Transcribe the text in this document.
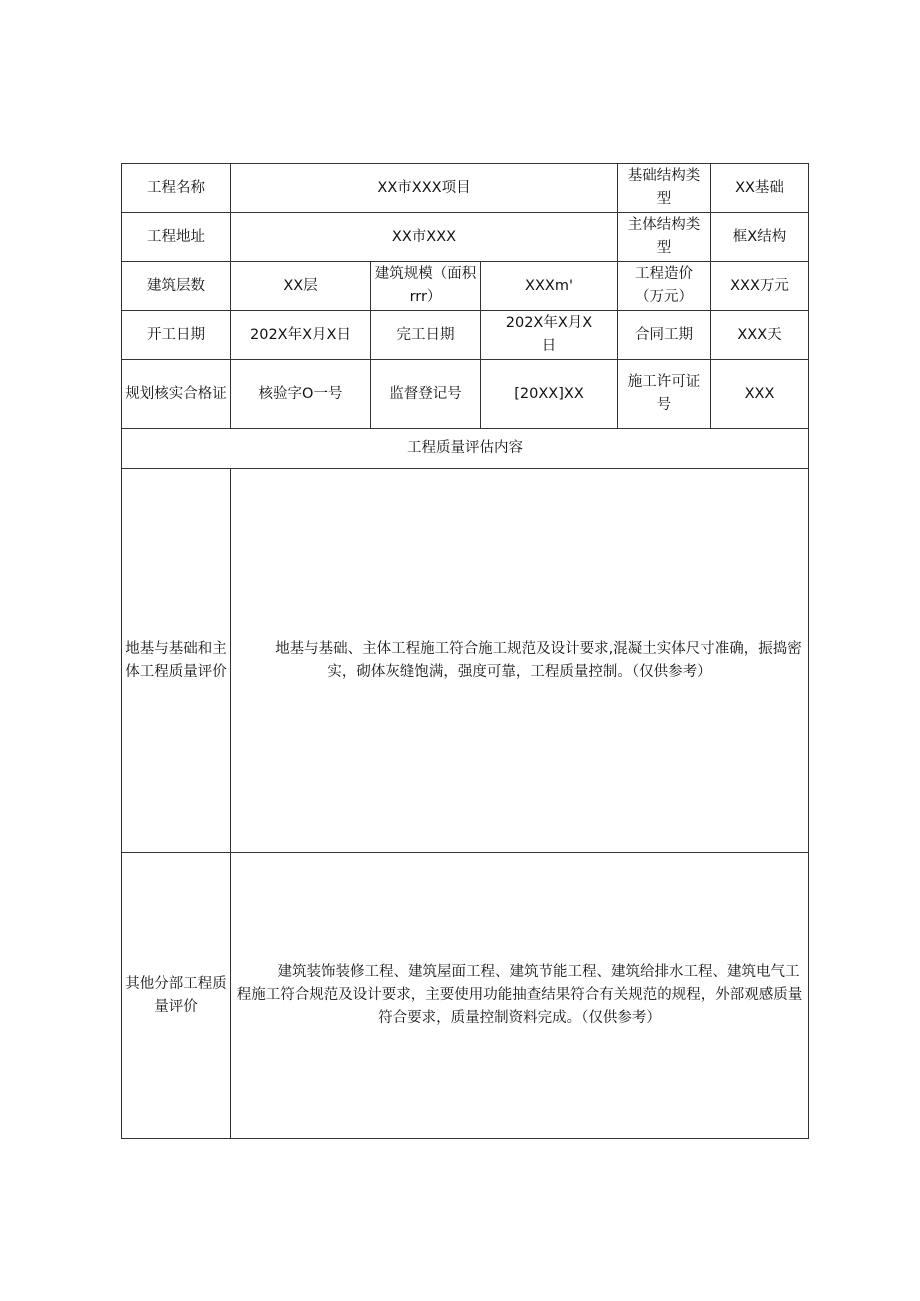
工程名称	XX市XXX项目			基础结构类型	XX基础
工程地址	XX市XXX			主体结构类型	框X结构
建筑层数	XX层	建筑规模（面积rrr）	XXXm'	工程造价（万元）	XXX万元
开工日期	202X年X月X日	完工日期	202X年X月X日	合同工期	XXX天
规划核实合格证	核验字O一号	监督登记号	[20XX]XX	施工许可证号	XXX
工程质量评估内容					
地基与基础和主体工程质量评价	地基与基础、主体工程施工符合施工规范及设计要求,混凝土实体尺寸准确，振捣密实，砌体灰缝饱满，强度可靠，工程质量控制。（仅供参考）				

其他分部工程质量评价	建筑装饰装修工程、建筑屋面工程、建筑节能工程、建筑给排水工程、建筑电气工程施工符合规范及设计要求，主要使用功能抽查结果符合有关规范的规程，外部观感质量符合要求，质量控制资料完成。（仅供参考）				
